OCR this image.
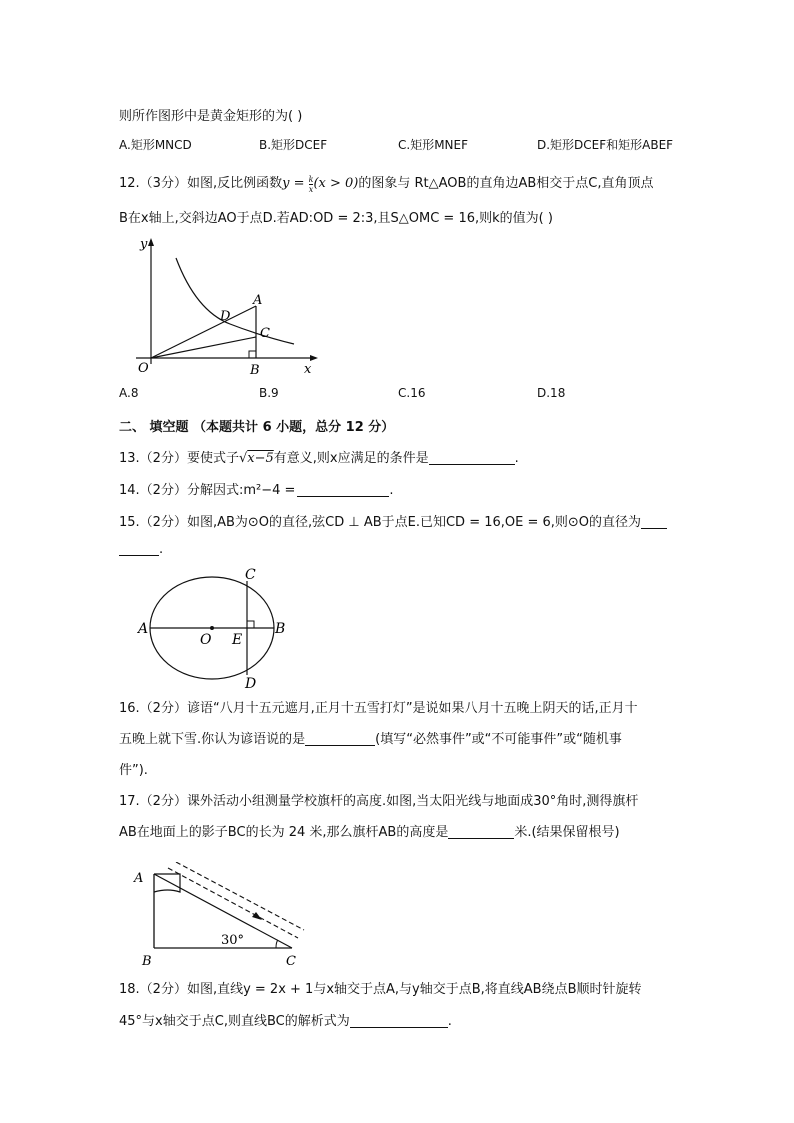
则所作图形中是黄金矩形的为( )
A.矩形MNCD	B.矩形DCEF	C.矩形MNEF	D.矩形DCEF和矩形ABEF
12.（3分）如图,反比例函数$y = \frac{k}{x} (x > 0)$的图象与 Rt△AOB的直角边AB相交于点C,直角顶点
B在x轴上,交斜边AO于点D.若AD:OD = 2:3,且S△OMC = 16,则k的值为( )
y
x
O
A
B
C
D
A.8	B.9	C.16	D.18
二、 填空题 （本题共计 6 小题，总分 12 分）
13.（2分）要使式子√x−5有意义,则x应满足的条件是	.
14.（2分）分解因式:m²−4 =	.
15.（2分）如图,AB为⊙O的直径,弦CD ⊥ AB于点E.已知CD = 16,OE = 6,则⊙O的直径为
.
A	B
C
D
O E
16.（2分）谚语“八月十五元遮月,正月十五雪打灯”是说如果八月十五晚上阴天的话,正月十
五晚上就下雪.你认为谚语说的是	(填写“必然事件”或“不可能事件”或“随机事
件”).
17.（2分）课外活动小组测量学校旗杆的高度.如图,当太阳光线与地面成30°角时,测得旗杆
AB在地面上的影子BC的长为 24 米,那么旗杆AB的高度是	米.(结果保留根号)
A
B	C
30°
18.（2分）如图,直线y = 2x + 1与x轴交于点A,与y轴交于点B,将直线AB绕点B顺时针旋转
45°与x轴交于点C,则直线BC的解析式为	.
